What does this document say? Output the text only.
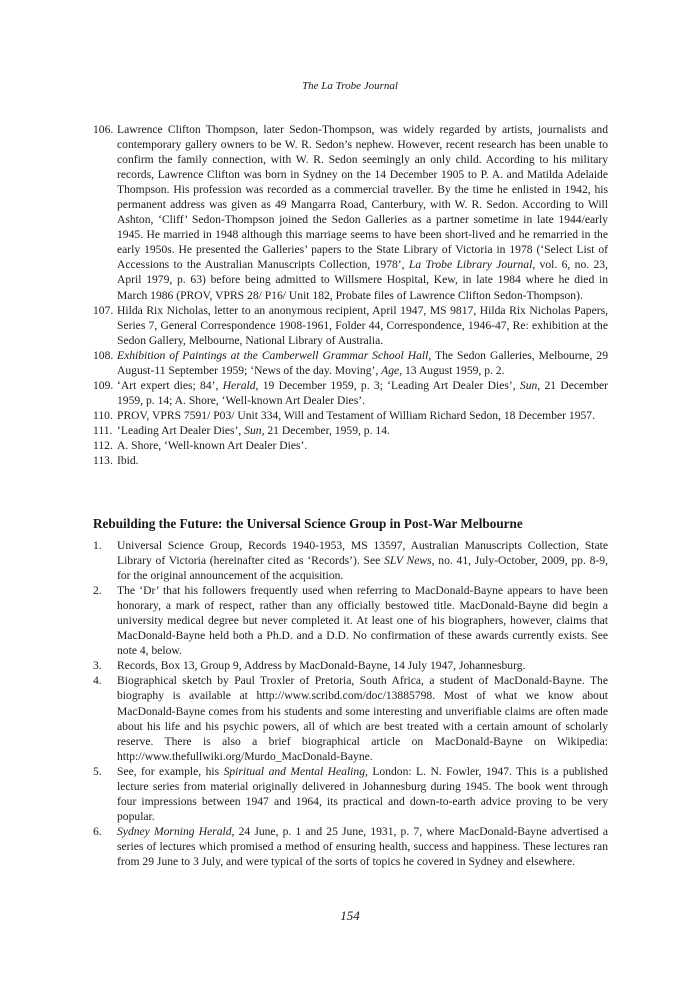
The La Trobe Journal
106. Lawrence Clifton Thompson, later Sedon-Thompson, was widely regarded by artists, journalists and contemporary gallery owners to be W. R. Sedon’s nephew. However, recent research has been unable to confirm the family connection, with W. R. Sedon seemingly an only child. According to his military records, Lawrence Clifton was born in Sydney on the 14 December 1905 to P. A. and Matilda Adelaide Thompson. His profession was recorded as a commercial traveller. By the time he enlisted in 1942, his permanent address was given as 49 Mangarra Road, Canterbury, with W. R. Sedon. According to Will Ashton, ‘Cliff’ Sedon-Thompson joined the Sedon Galleries as a partner sometime in late 1944/early 1945. He married in 1948 although this marriage seems to have been short-lived and he remarried in the early 1950s. He presented the Galleries’ papers to the State Library of Victoria in 1978 (‘Select List of Accessions to the Australian Manuscripts Collection, 1978’, La Trobe Library Journal, vol. 6, no. 23, April 1979, p. 63) before being admitted to Willsmere Hospital, Kew, in late 1984 where he died in March 1986 (PROV, VPRS 28/ P16/ Unit 182, Probate files of Lawrence Clifton Sedon-Thompson).
107. Hilda Rix Nicholas, letter to an anonymous recipient, April 1947, MS 9817, Hilda Rix Nicholas Papers, Series 7, General Correspondence 1908-1961, Folder 44, Correspondence, 1946-47, Re: exhibition at the Sedon Gallery, Melbourne, National Library of Australia.
108. Exhibition of Paintings at the Camberwell Grammar School Hall, The Sedon Galleries, Melbourne, 29 August-11 September 1959; ‘News of the day. Moving’, Age, 13 August 1959, p. 2.
109. ‘Art expert dies; 84’, Herald, 19 December 1959, p. 3; ‘Leading Art Dealer Dies’, Sun, 21 December 1959, p. 14; A. Shore, ‘Well-known Art Dealer Dies’.
110. PROV, VPRS 7591/ P03/ Unit 334, Will and Testament of William Richard Sedon, 18 December 1957.
111. ‘Leading Art Dealer Dies’, Sun, 21 December, 1959, p. 14.
112. A. Shore, ‘Well-known Art Dealer Dies’.
113. Ibid.
Rebuilding the Future: the Universal Science Group in Post-War Melbourne
1.	Universal Science Group, Records 1940-1953, MS 13597, Australian Manuscripts Collection, State Library of Victoria (hereinafter cited as ‘Records’). See SLV News, no. 41, July-October, 2009, pp. 8-9, for the original announcement of the acquisition.
2.	The ‘Dr’ that his followers frequently used when referring to MacDonald-Bayne appears to have been honorary, a mark of respect, rather than any officially bestowed title. MacDonald-Bayne did begin a university medical degree but never completed it. At least one of his biographers, however, claims that MacDonald-Bayne held both a Ph.D. and a D.D. No confirmation of these awards currently exists. See note 4, below.
3.	Records, Box 13, Group 9, Address by MacDonald-Bayne, 14 July 1947, Johannesburg.
4.	Biographical sketch by Paul Troxler of Pretoria, South Africa, a student of MacDonald-Bayne. The biography is available at http://www.scribd.com/doc/13885798. Most of what we know about MacDonald-Bayne comes from his students and some interesting and unverifiable claims are often made about his life and his psychic powers, all of which are best treated with a certain amount of scholarly reserve. There is also a brief biographical article on MacDonald-Bayne on Wikipedia: http://www.thefullwiki.org/Murdo_MacDonald-Bayne.
5.	See, for example, his Spiritual and Mental Healing, London: L. N. Fowler, 1947. This is a published lecture series from material originally delivered in Johannesburg during 1945. The book went through four impressions between 1947 and 1964, its practical and down-to-earth advice proving to be very popular.
6.	Sydney Morning Herald, 24 June, p. 1 and 25 June, 1931, p. 7, where MacDonald-Bayne advertised a series of lectures which promised a method of ensuring health, success and happiness. These lectures ran from 29 June to 3 July, and were typical of the sorts of topics he covered in Sydney and elsewhere.
154
